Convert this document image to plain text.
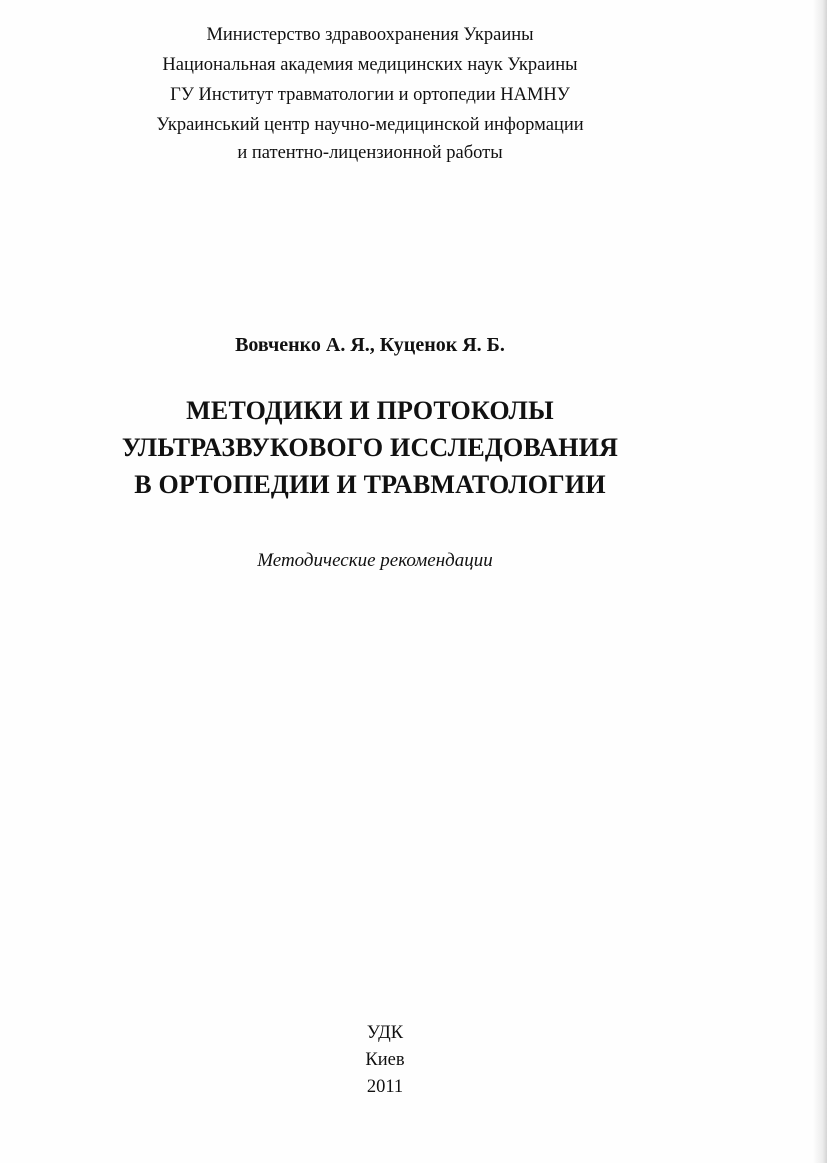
Министерство здравоохранения Украины
Национальная академия медицинских наук Украины
ГУ Институт травматологии и ортопедии НАМНУ
Украинський центр научно-медицинской информации
и патентно-лицензионной работы
Вовченко А. Я., Куценок Я. Б.
МЕТОДИКИ И ПРОТОКОЛЫ
УЛЬТРАЗВУКОВОГО ИССЛЕДОВАНИЯ
В ОРТОПЕДИИ И ТРАВМАТОЛОГИИ
Методические рекомендации
УДК
Киев
2011
